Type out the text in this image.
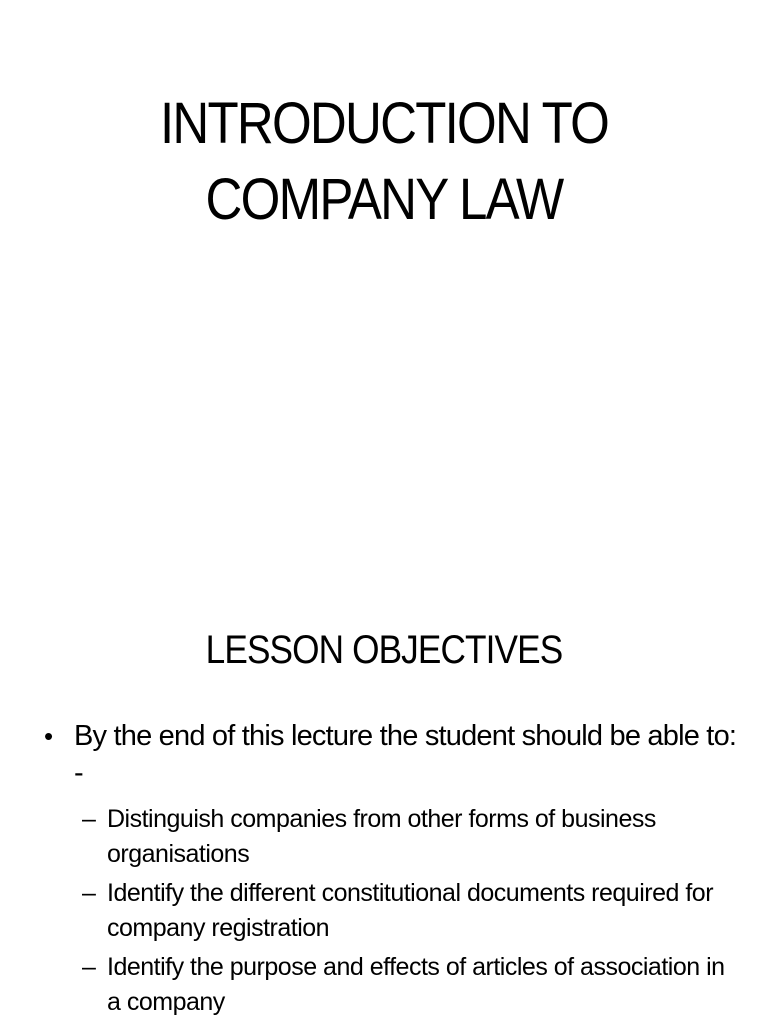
INTRODUCTION TO
COMPANY LAW
LESSON OBJECTIVES
• By the end of this lecture the student should be able to: -
– Distinguish companies from other forms of business organisations
– Identify the different constitutional documents required for company registration
– Identify the purpose and effects of articles of association in a company
